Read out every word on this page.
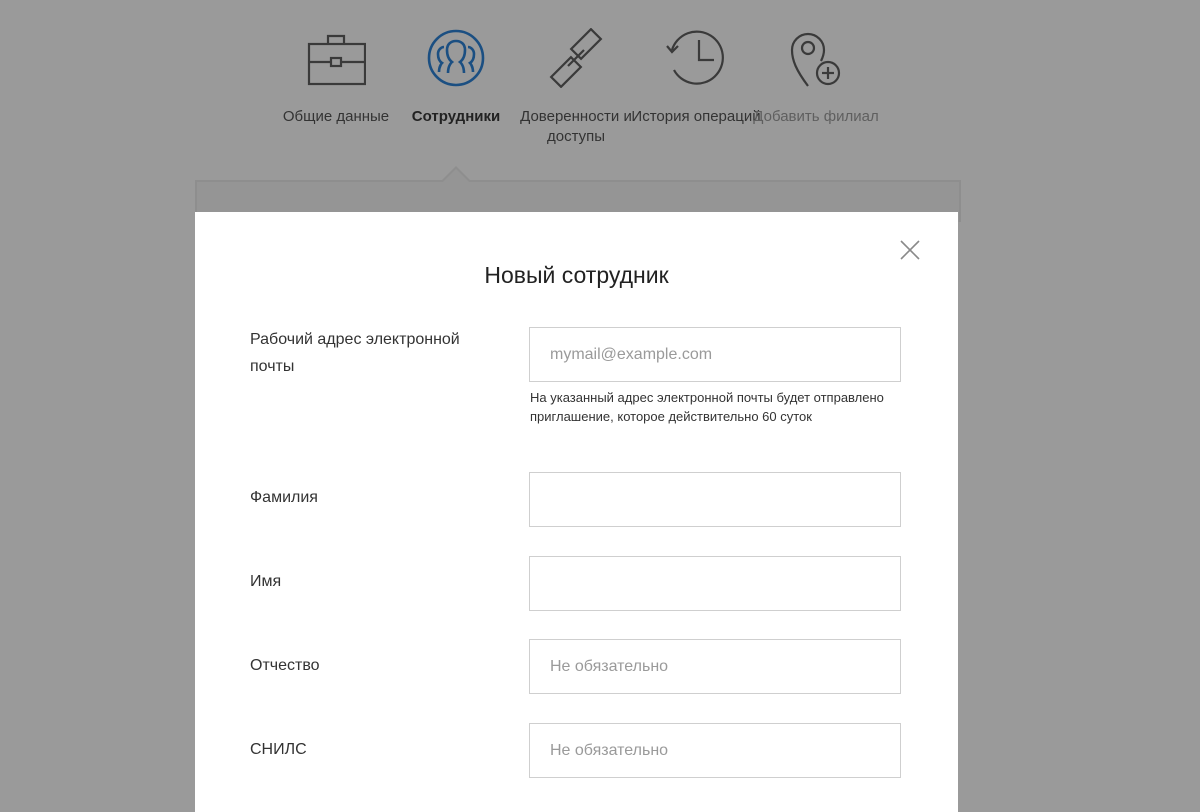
Общие данные	Сотрудники	Доверенности и доступы
История операций
Добавить филиал
Новый сотрудник
Рабочий адрес электронной почты
mymail@example.com
На указанный адрес электронной почты будет отправлено приглашение, которое действительно 60 суток
Фамилия
Имя
Отчество
Не обязательно
СНИЛС
Не обязательно
